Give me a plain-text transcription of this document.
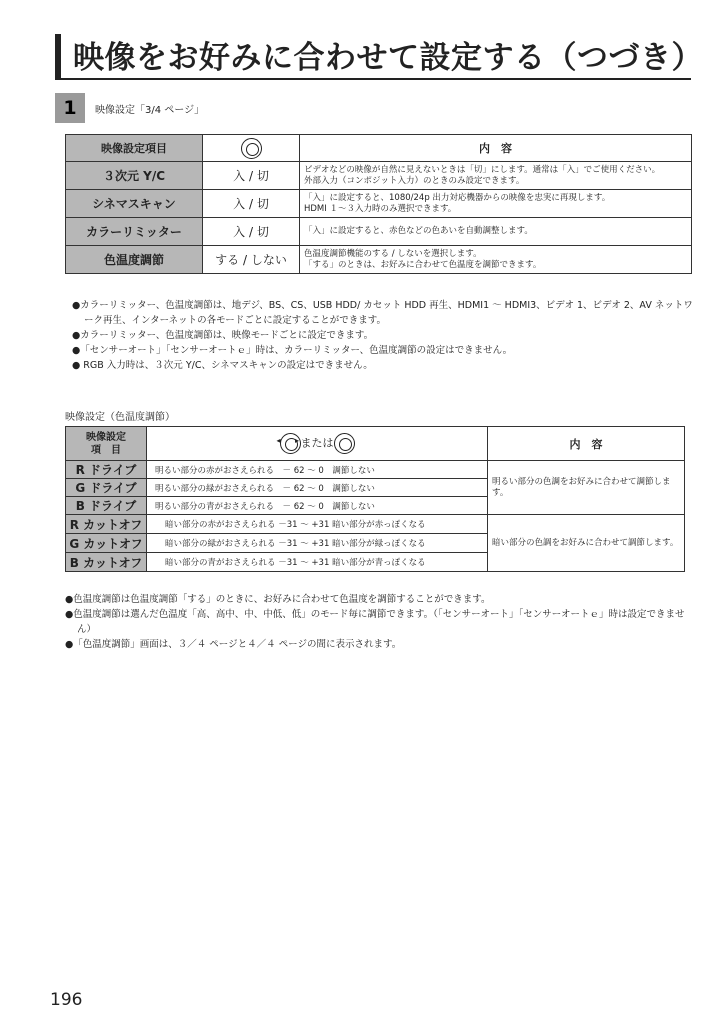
映像をお好みに合わせて設定する（つづき）
1	映像設定「3/4 ページ」
映像設定項目		内　容
３次元 Y/C	入 / 切	ビデオなどの映像が自然に見えないときは「切」にします。通常は「入」でご使用ください。
外部入力（コンポジット入力）のときのみ設定できます。

シネマスキャン	入 / 切	「入」に設定すると、1080/24p 出力対応機器からの映像を忠実に再現します。
HDMI １～３入力時のみ選択できます。

カラーリミッター	入 / 切	「入」に設定すると、赤色などの色あいを自動調整します。

色温度調節	する / しない	色温度調節機能のする / しないを選択します。
「する」のときは、お好みに合わせて色温度を調節できます。
●カラーリミッター、色温度調節は、地デジ、BS、CS、USB HDD/ カセット HDD 再生、HDMI1 ～ HDMI3、ビデオ 1、ビデオ 2、AV ネットワーク再生、インターネットの各モードごとに設定することができます。
●カラーリミッター、色温度調節は、映像モードごとに設定できます。
●「センサーオート」「センサーオートｅ」時は、カラーリミッター、色温度調節の設定はできません。
● RGB 入力時は、３次元 Y/C、シネマスキャンの設定はできません。
映像設定（色温度調節）
映像設定
項　目
	◂ ▸または	内　容
R ドライブ	明るい部分の赤がおさえられる　－ 62 ～ 0　調節しない	明るい部分の色調をお好みに合わせて調節します。
G ドライブ	明るい部分の緑がおさえられる　－ 62 ～ 0　調節しない	
B ドライブ	明るい部分の青がおさえられる　－ 62 ～ 0　調節しない	
R カットオフ	暗い部分の赤がおさえられる －31 ～ +31 暗い部分が赤っぽくなる	暗い部分の色調をお好みに合わせて調節します。
G カットオフ	暗い部分の緑がおさえられる －31 ～ +31 暗い部分が緑っぽくなる	
B カットオフ	暗い部分の青がおさえられる －31 ～ +31 暗い部分が青っぽくなる	
●色温度調節は色温度調節「する」のときに、お好みに合わせて色温度を調節することができます。
●色温度調節は選んだ色温度「高、高中、中、中低、低」のモード毎に調節できます。（「センサーオート」「センサーオートｅ」時は設定できません）
●「色温度調節」画面は、３／４ ページと４／４ ページの間に表示されます。
196
